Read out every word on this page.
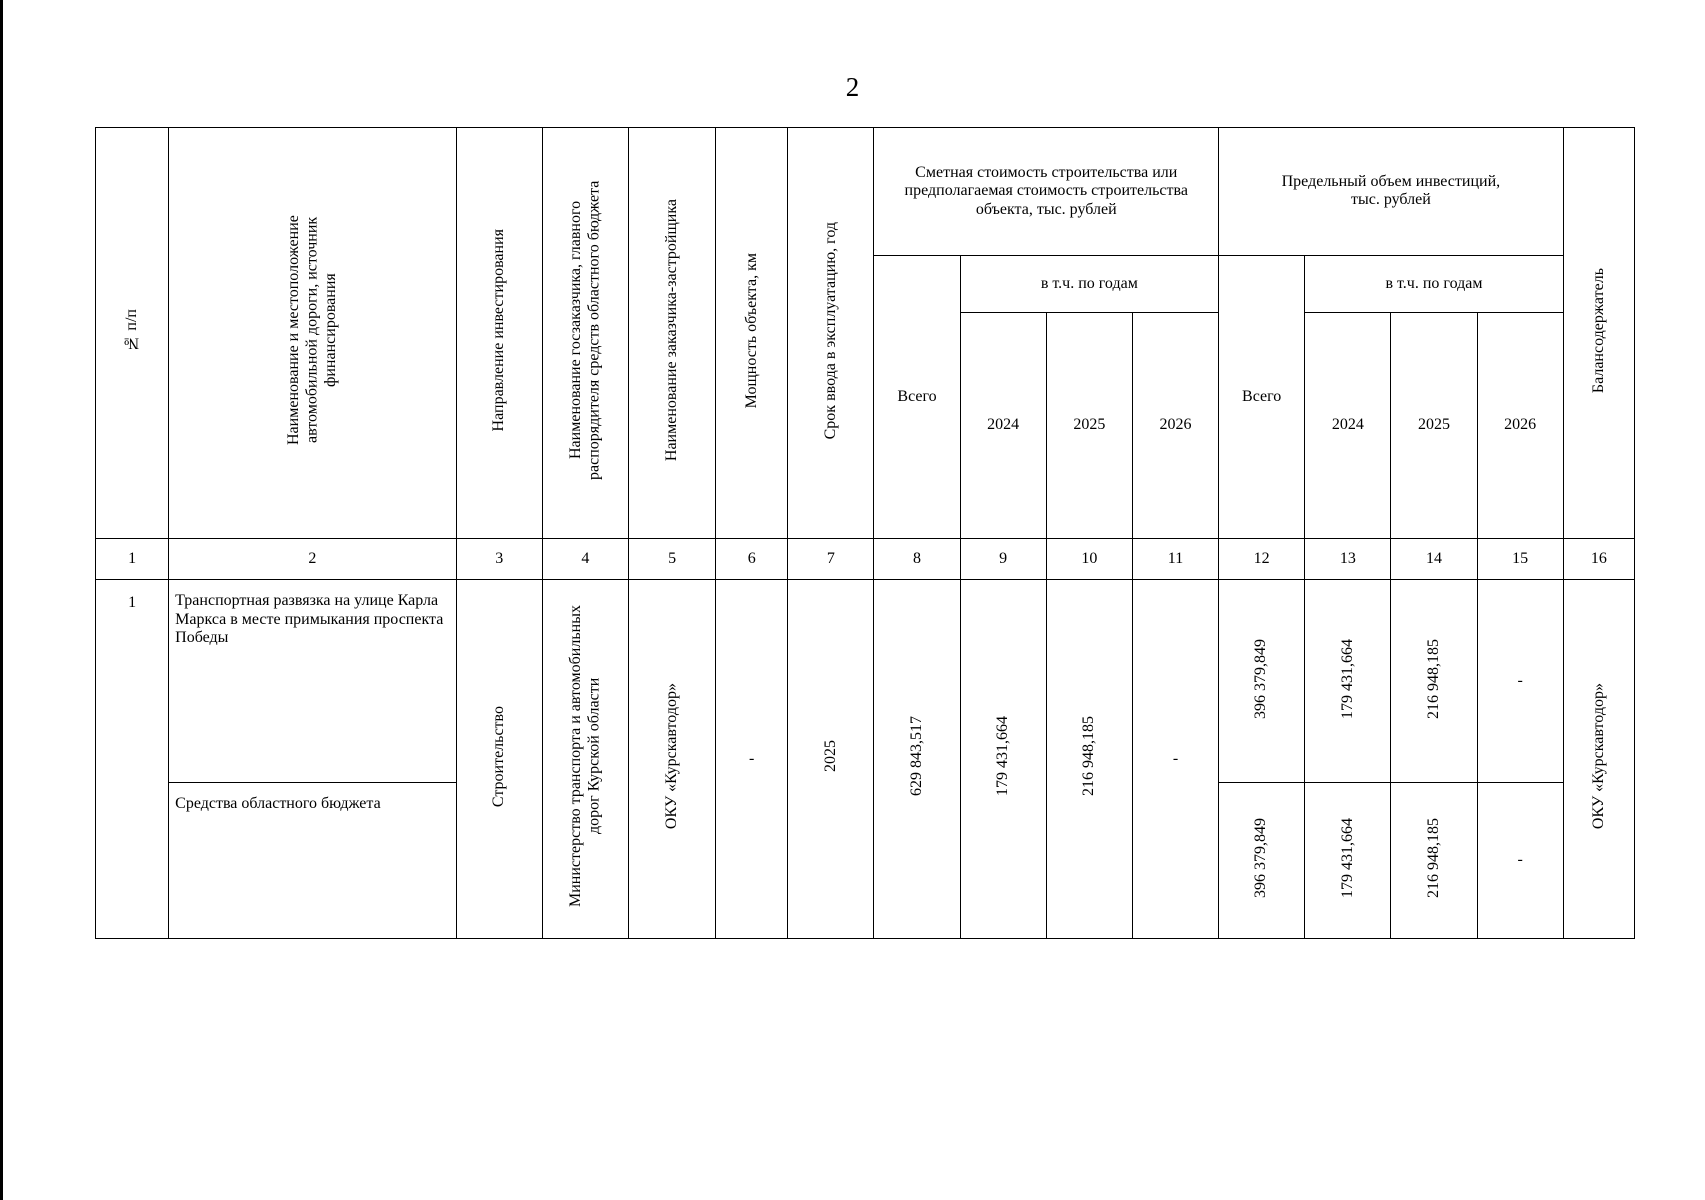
2
№ п/п	Наименование и местоположение автомобильной дороги, источник финансирования	Направление инвестирования	Наименование госзаказчика, главного распорядителя средств областного бюджета	Наименование заказчика-застройщика	Мощность объекта, км	Срок ввода в эксплуатацию, год	Сметная стоимость строительства или предполагаемая стоимость строительства объекта, тыс. рублей				Предельный объем инвестиций, тыс. рублей				Балансодержатель
							Всего	в т.ч. по годам			Всего	в т.ч. по годам			
								2024	2025	2026		2024	2025	2026	
1	2	3	4	5	6	7	8	9	10	11	12	13	14	15	16
1	Транспортная развязка на улице Карла Маркса в месте примыкания проспекта Победы	Строительство	Министерство транспорта и автомобильных дорог Курской области	ОКУ «Курскавтодор»	-	2025	629 843,517	179 431,664	216 948,185	-	396 379,849	179 431,664	216 948,185	-	ОКУ «Курскавтодор»
	Средства областного бюджета										396 379,849	179 431,664	216 948,185	-	
